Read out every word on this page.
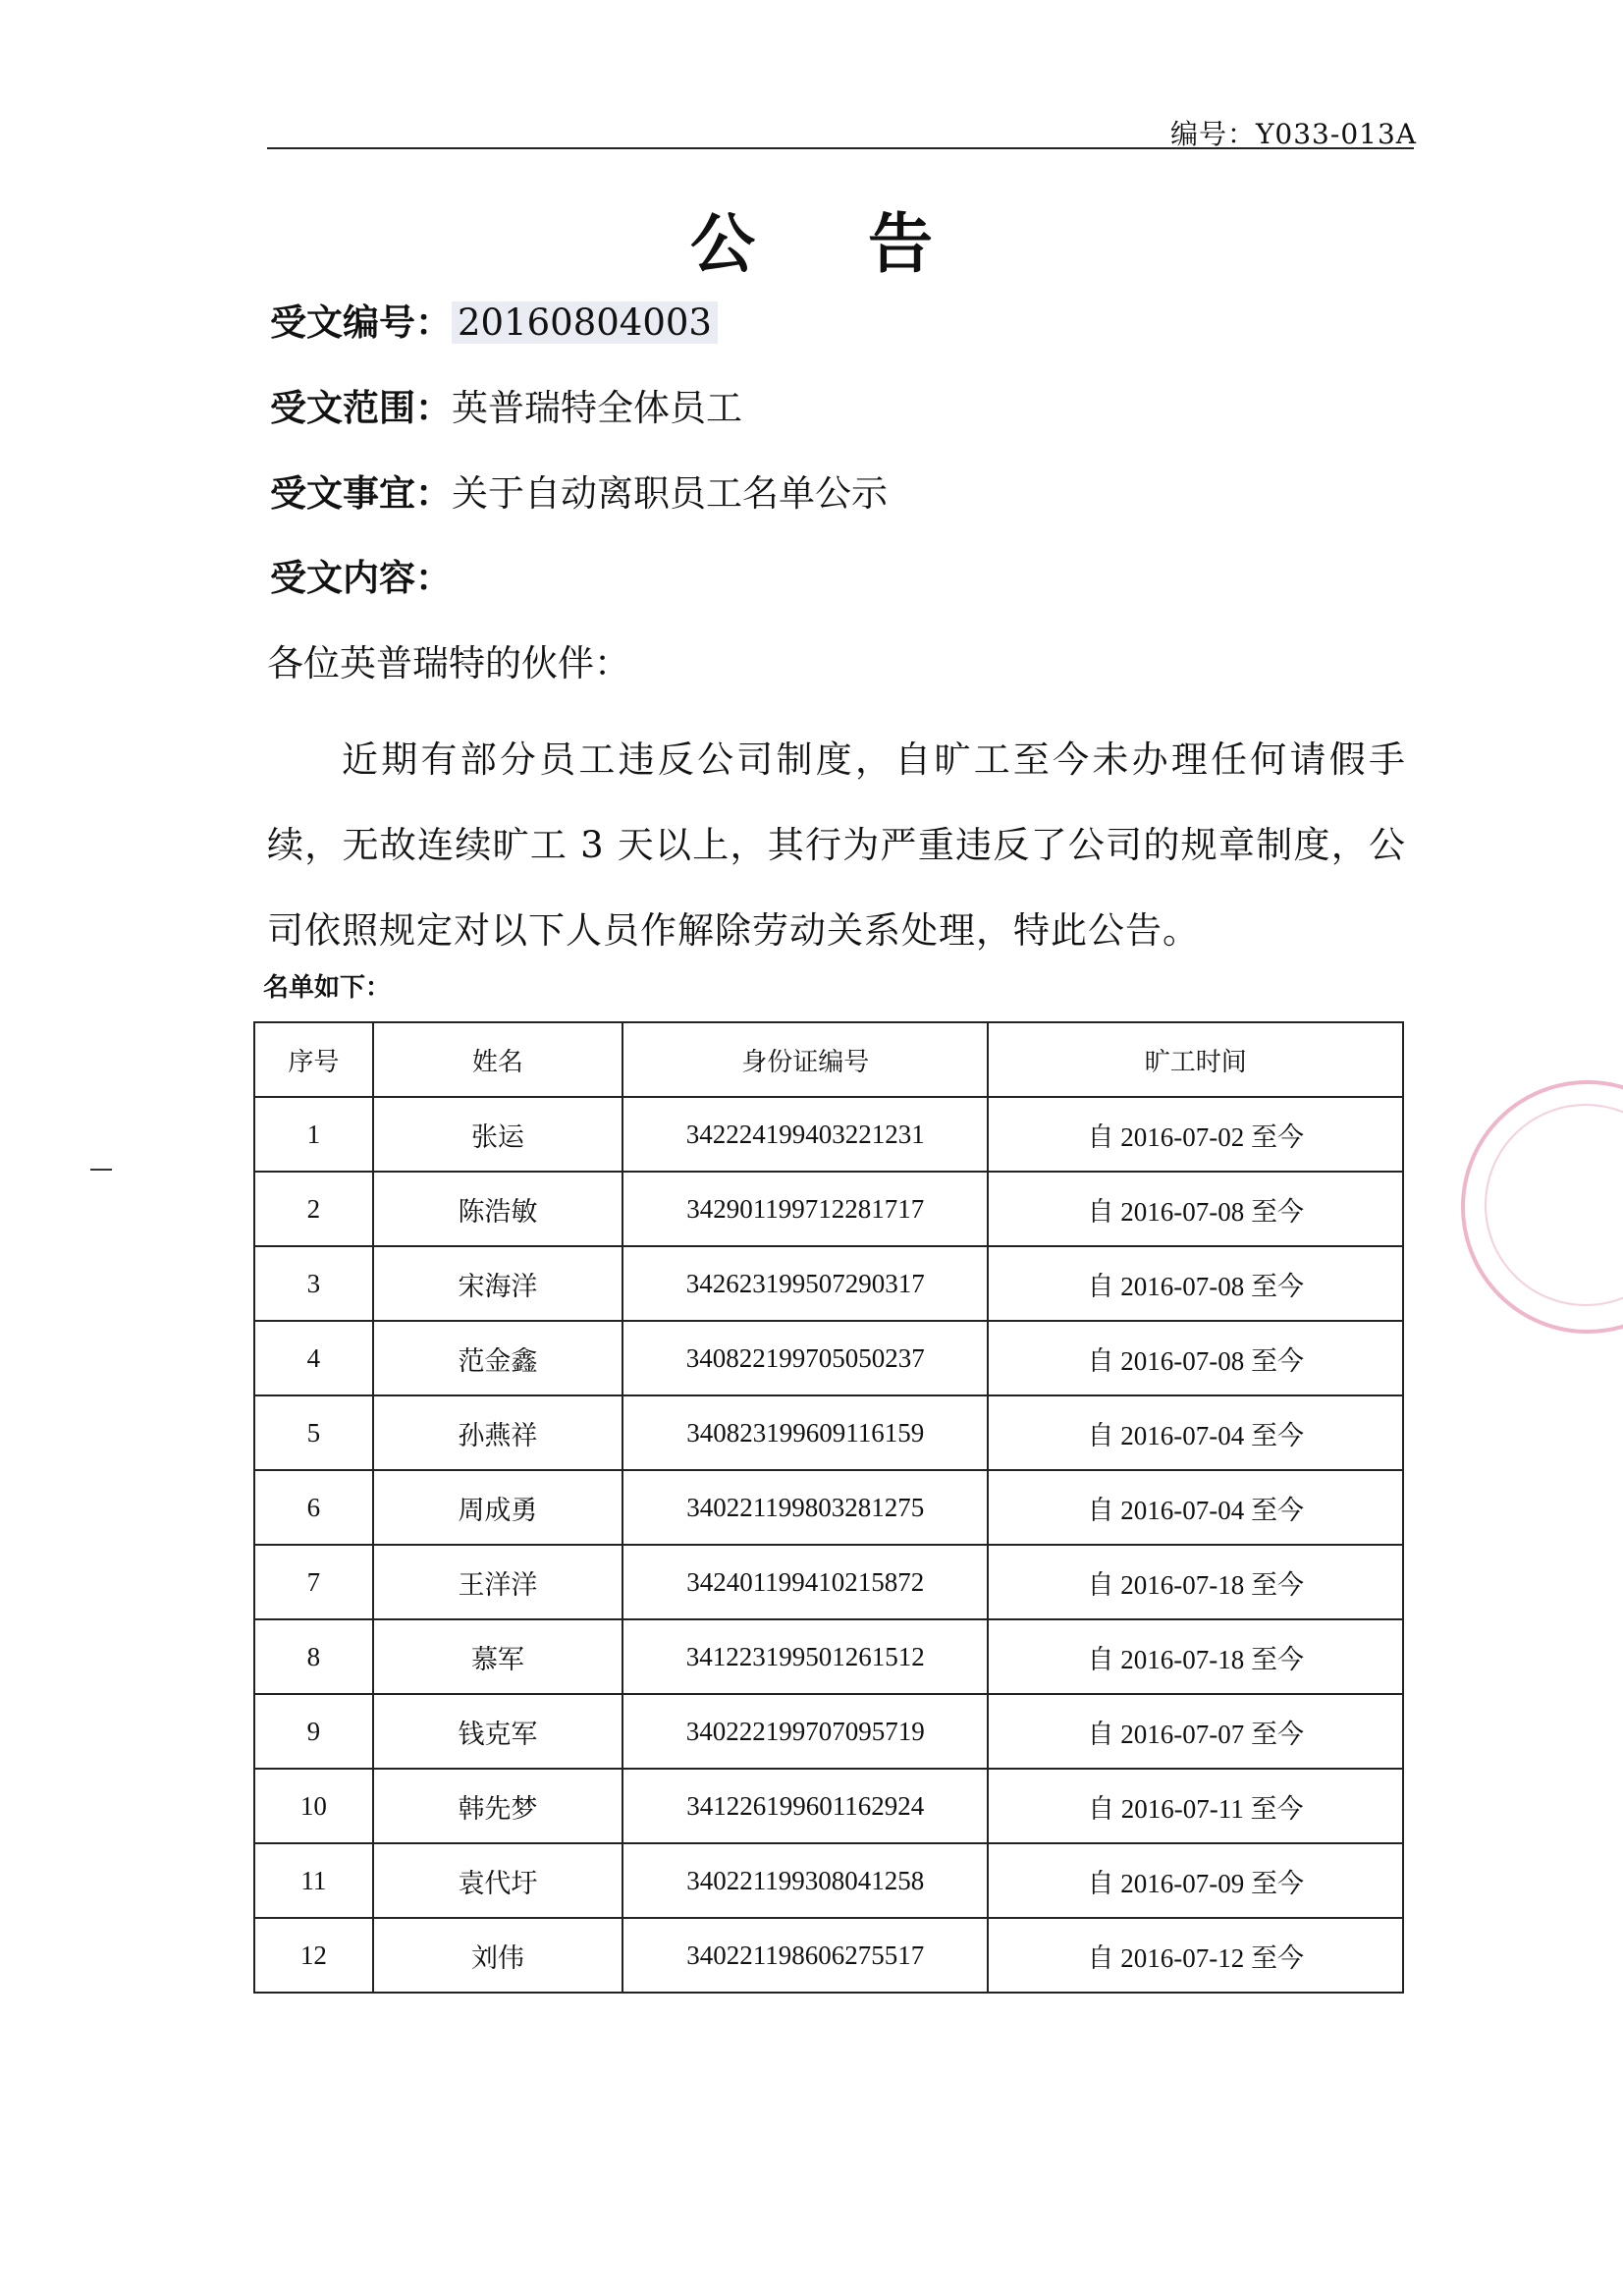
编号：Y033-013A
公 告
受文编号： 20160804003
受文范围：英普瑞特全体员工
受文事宜：关于自动离职员工名单公示
受文内容：
各位英普瑞特的伙伴：
近期有部分员工违反公司制度，自旷工至今未办理任何请假手续，无故连续旷工 3 天以上，其行为严重违反了公司的规章制度，公司依照规定对以下人员作解除劳动关系处理，特此公告。
名单如下：
序号	姓名	身份证编号	旷工时间
1	张运	342224199403221231	自 2016-07-02 至今
2	陈浩敏	342901199712281717	自 2016-07-08 至今
3	宋海洋	342623199507290317	自 2016-07-08 至今
4	范金鑫	340822199705050237	自 2016-07-08 至今
5	孙燕祥	340823199609116159	自 2016-07-04 至今
6	周成勇	340221199803281275	自 2016-07-04 至今
7	王洋洋	342401199410215872	自 2016-07-18 至今
8	慕军	341223199501261512	自 2016-07-18 至今
9	钱克军	340222199707095719	自 2016-07-07 至今
10	韩先梦	341226199601162924	自 2016-07-11 至今
11	袁代圩	340221199308041258	自 2016-07-09 至今
12	刘伟	340221198606275517	自 2016-07-12 至今
